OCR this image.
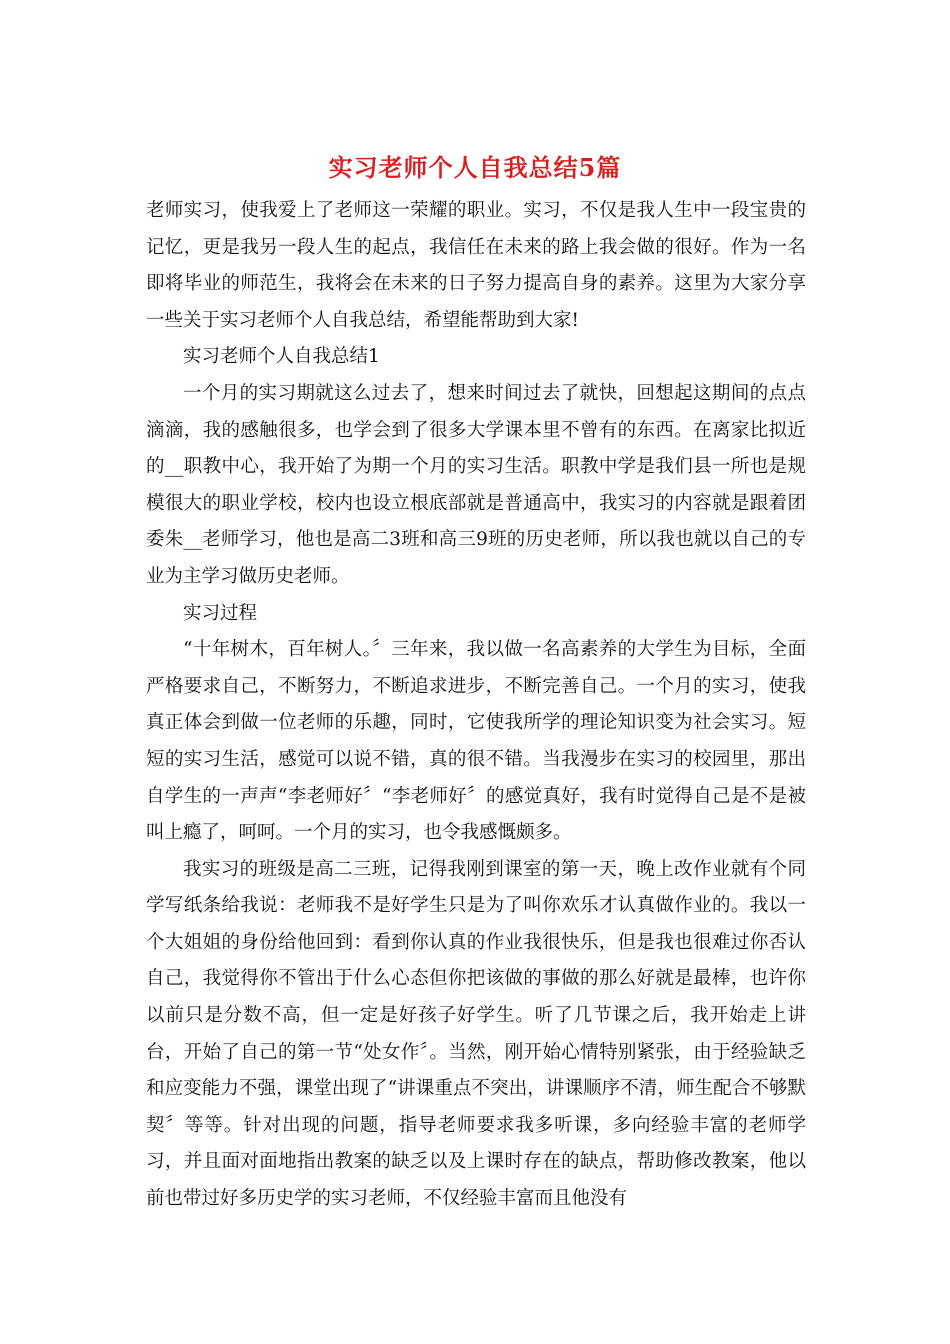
实习老师个人自我总结5篇

老师实习，使我爱上了老师这一荣耀的职业。实习，不仅是我人生中一段宝贵的记忆，更是我另一段人生的起点，我信任在未来的路上我会做的很好。作为一名即将毕业的师范生，我将会在未来的日子努力提高自身的素养。这里为大家分享一些关于实习老师个人自我总结，希望能帮助到大家!

实习老师个人自我总结1

一个月的实习期就这么过去了，想来时间过去了就快，回想起这期间的点点滴滴，我的感触很多，也学会到了很多大学课本里不曾有的东西。在离家比拟近的__职教中心，我开始了为期一个月的实习生活。职教中学是我们县一所也是规模很大的职业学校，校内也设立根底部就是普通高中，我实习的内容就是跟着团委朱__老师学习，他也是高二3班和高三9班的历史老师，所以我也就以自己的专业为主学习做历史老师。

实习过程

“十年树木，百年树人。〞三年来，我以做一名高素养的大学生为目标，全面严格要求自己，不断努力，不断追求进步，不断完善自己。一个月的实习，使我真正体会到做一位老师的乐趣，同时，它使我所学的理论知识变为社会实习。短短的实习生活，感觉可以说不错，真的很不错。当我漫步在实习的校园里，那出自学生的一声声“李老师好〞“李老师好〞的感觉真好，我有时觉得自己是不是被叫上瘾了，呵呵。一个月的实习，也令我感慨颇多。

我实习的班级是高二三班，记得我刚到课室的第一天，晚上改作业就有个同学写纸条给我说：老师我不是好学生只是为了叫你欢乐才认真做作业的。我以一个大姐姐的身份给他回到：看到你认真的作业我很快乐，但是我也很难过你否认自己，我觉得你不管出于什么心态但你把该做的事做的那么好就是最棒，也许你以前只是分数不高，但一定是好孩子好学生。听了几节课之后，我开始走上讲台，开始了自己的第一节“处女作〞。当然，刚开始心情特别紧张，由于经验缺乏和应变能力不强，课堂出现了“讲课重点不突出，讲课顺序不清，师生配合不够默契〞等等。针对出现的问题，指导老师要求我多听课，多向经验丰富的老师学习，并且面对面地指出教案的缺乏以及上课时存在的缺点，帮助修改教案，他以前也带过好多历史学的实习老师，不仅经验丰富而且他没有
